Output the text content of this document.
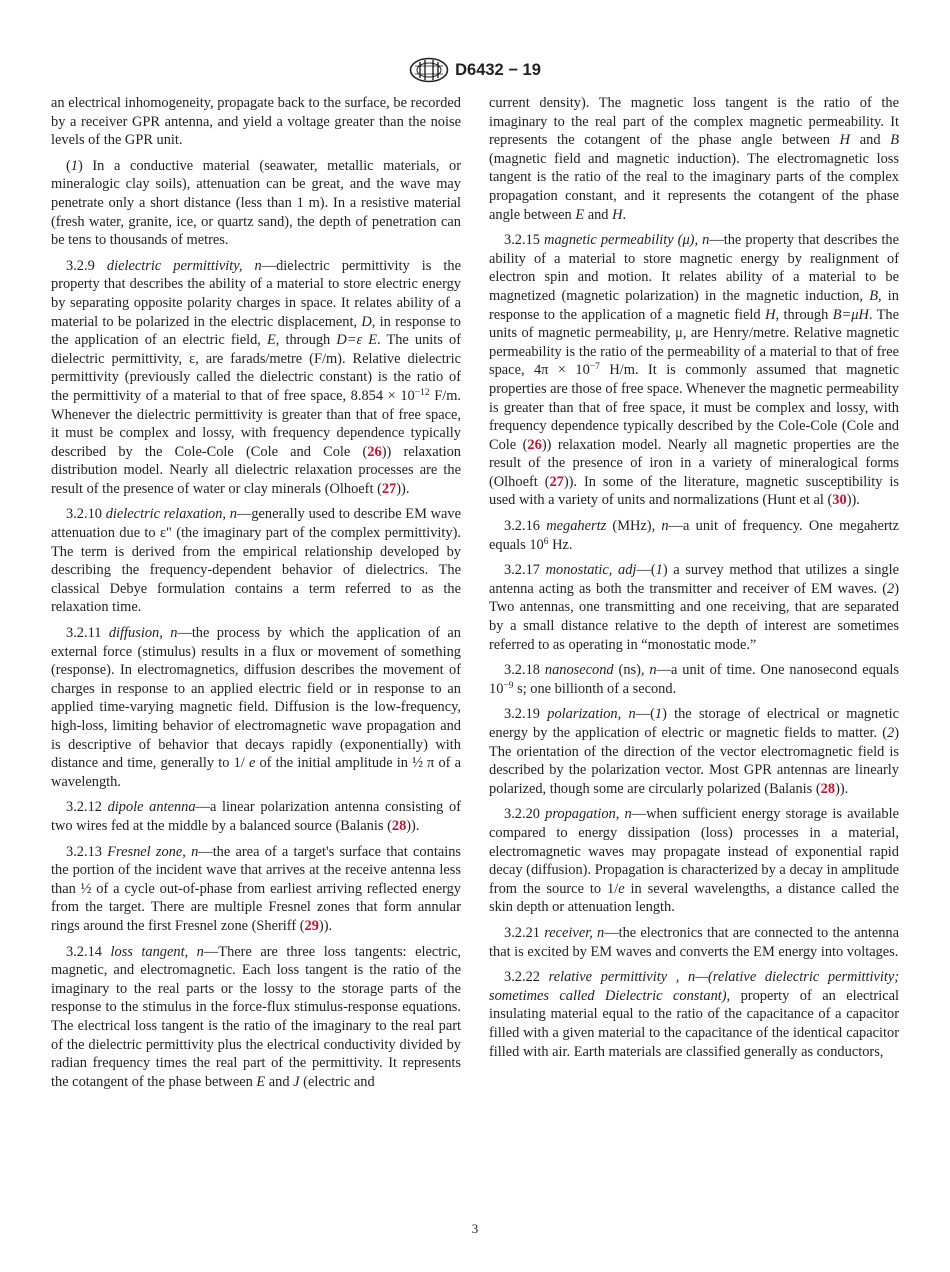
D6432 − 19

an electrical inhomogeneity, propagate back to the surface, be recorded by a receiver GPR antenna, and yield a voltage greater than the noise levels of the GPR unit.

(1) In a conductive material (seawater, metallic materials, or mineralogic clay soils), attenuation can be great, and the wave may penetrate only a short distance (less than 1 m). In a resistive material (fresh water, granite, ice, or quartz sand), the depth of penetration can be tens to thousands of metres.

3.2.9 dielectric permittivity, n—dielectric permittivity is the property that describes the ability of a material to store electric energy by separating opposite polarity charges in space. It relates ability of a material to be polarized in the electric displacement, D, in response to the application of an electric field, E, through D=ε E. The units of dielectric permittivity, ε, are farads/metre (F/m). Relative dielectric permittivity (previously called the dielectric constant) is the ratio of the permittivity of a material to that of free space, $8.854 \times 10^{-12}$ F/m. Whenever the dielectric permittivity is greater than that of free space, it must be complex and lossy, with frequency dependence typically described by the Cole-Cole (Cole and Cole (26)) relaxation distribution model. Nearly all dielectric relaxation processes are the result of the presence of water or clay minerals (Olhoeft (27)).

3.2.10 dielectric relaxation, n—generally used to describe EM wave attenuation due to ε" (the imaginary part of the complex permittivity). The term is derived from the empirical relationship developed by describing the frequency-dependent behavior of dielectrics. The classical Debye formulation contains a term referred to as the relaxation time.

3.2.11 diffusion, n—the process by which the application of an external force (stimulus) results in a flux or movement of something (response). In electromagnetics, diffusion describes the movement of charges in response to an applied electric field or in response to an applied time-varying magnetic field. Diffusion is the low-frequency, high-loss, limiting behavior of electromagnetic wave propagation and is descriptive of behavior that decays rapidly (exponentially) with distance and time, generally to 1/ e of the initial amplitude in ½ π of a wavelength.

3.2.12 dipole antenna—a linear polarization antenna consisting of two wires fed at the middle by a balanced source (Balanis (28)).

3.2.13 Fresnel zone, n—the area of a target's surface that contains the portion of the incident wave that arrives at the receive antenna less than ½ of a cycle out-of-phase from earliest arriving reflected energy from the target. There are multiple Fresnel zones that form annular rings around the first Fresnel zone (Sheriff (29)).

3.2.14 loss tangent, n—There are three loss tangents: electric, magnetic, and electromagnetic. Each loss tangent is the ratio of the imaginary to the real parts or the lossy to the storage parts of the response to the stimulus in the force-flux stimulus-response equations. The electrical loss tangent is the ratio of the imaginary to the real part of the dielectric permittivity plus the electrical conductivity divided by radian frequency times the real part of the permittivity. It represents the cotangent of the phase between E and J (electric and

current density). The magnetic loss tangent is the ratio of the imaginary to the real part of the complex magnetic permeability. It represents the cotangent of the phase angle between H and B (magnetic field and magnetic induction). The electromagnetic loss tangent is the ratio of the real to the imaginary parts of the complex propagation constant, and it represents the cotangent of the phase angle between E and H.

3.2.15 magnetic permeability (μ), n—the property that describes the ability of a material to store magnetic energy by realignment of electron spin and motion. It relates ability of a material to be magnetized (magnetic polarization) in the magnetic induction, B, in response to the application of a magnetic field H, through B=μH. The units of magnetic permeability, μ, are Henry/metre. Relative magnetic permeability is the ratio of the permeability of a material to that of free space, $4\pi \times 10^{-7}$ H/m. It is commonly assumed that magnetic properties are those of free space. Whenever the magnetic permeability is greater than that of free space, it must be complex and lossy, with frequency dependence typically described by the Cole-Cole (Cole and Cole (26)) relaxation model. Nearly all magnetic properties are the result of the presence of iron in a variety of mineralogical forms (Olhoeft (27)). In some of the literature, magnetic susceptibility is used with a variety of units and normalizations (Hunt et al (30)).

3.2.16 megahertz (MHz), n—a unit of frequency. One megahertz equals $10^6$ Hz.

3.2.17 monostatic, adj—(1) a survey method that utilizes a single antenna acting as both the transmitter and receiver of EM waves. (2) Two antennas, one transmitting and one receiving, that are separated by a small distance relative to the depth of interest are sometimes referred to as operating in “monostatic mode.”

3.2.18 nanosecond (ns), n—a unit of time. One nanosecond equals $10^{-9}$ s; one billionth of a second.

3.2.19 polarization, n—(1) the storage of electrical or magnetic energy by the application of electric or magnetic fields to matter. (2) The orientation of the direction of the vector electromagnetic field is described by the polarization vector. Most GPR antennas are linearly polarized, though some are circularly polarized (Balanis (28)).

3.2.20 propagation, n—when sufficient energy storage is available compared to energy dissipation (loss) processes in a material, electromagnetic waves may propagate instead of exponential rapid decay (diffusion). Propagation is characterized by a decay in amplitude from the source to 1/e in several wavelengths, a distance called the skin depth or attenuation length.

3.2.21 receiver, n—the electronics that are connected to the antenna that is excited by EM waves and converts the EM energy into voltages.

3.2.22 relative permittivity , n—(relative dielectric permittivity; sometimes called Dielectric constant), property of an electrical insulating material equal to the ratio of the capacitance of a capacitor filled with a given material to the capacitance of the identical capacitor filled with air. Earth materials are classified generally as conductors,

3
